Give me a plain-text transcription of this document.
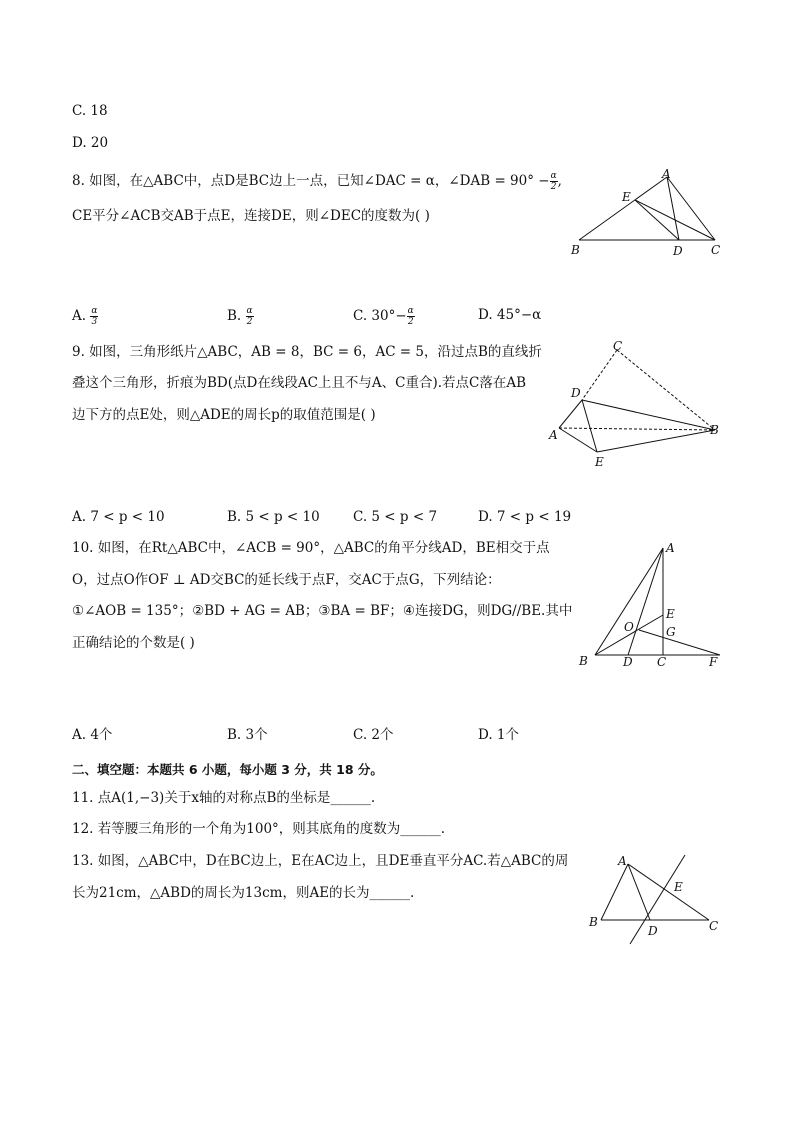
C. 18
D. 20
8. 如图，在△ABC中，点D是BC边上一点，已知∠DAC = α，∠DAB = $90^\circ - \frac{\alpha}{2}$ ,
CE平分∠ACB交AB于点E，连接DE，则∠DEC的度数为( )
A
B	C
D
E
A. $\frac{\alpha}{3}$	B. $\frac{\alpha}{2}$	C. $30^\circ- \frac{\alpha}{2}$	D. 45°−α
9. 如图，三角形纸片△ABC，AB = 8，BC = 6，AC = 5，沿过点B的直线折
叠这个三角形，折痕为BD(点D在线段AC上且不与A、C重合).若点C落在AB
边下方的点E处，则△ADE的周长p的取值范围是( )
C
D
A	B
E
A. 7 < p < 10	B. 5 < p < 10 C. 5 < p < 7	D. 7 < p < 19
10. 如图，在Rt△ABC中，∠ACB = 90°，△ABC的角平分线AD，BE相交于点
O，过点O作OF ⊥ AD交BC的延长线于点F，交AC于点G，下列结论：
①∠AOB = 135°；②BD + AG = AB；③BA = BF；④连接DG，则DG//BE.其中
正确结论的个数是( )
A
B	D C	F
E
G
O
A. 4个	B. 3个	C. 2个	D. 1个
二、填空题：本题共 6 小题，每小题 3 分，共 18 分。
11. 点A(1,−3)关于x轴的对称点B的坐标是______.
12. 若等腰三角形的一个角为100°，则其底角的度数为______.
13. 如图，△ABC中，D在BC边上，E在AC边上，且DE垂直平分AC.若△ABC的周
长为21cm，△ABD的周长为13cm，则AE的长为______.
A
B	C
D
E
